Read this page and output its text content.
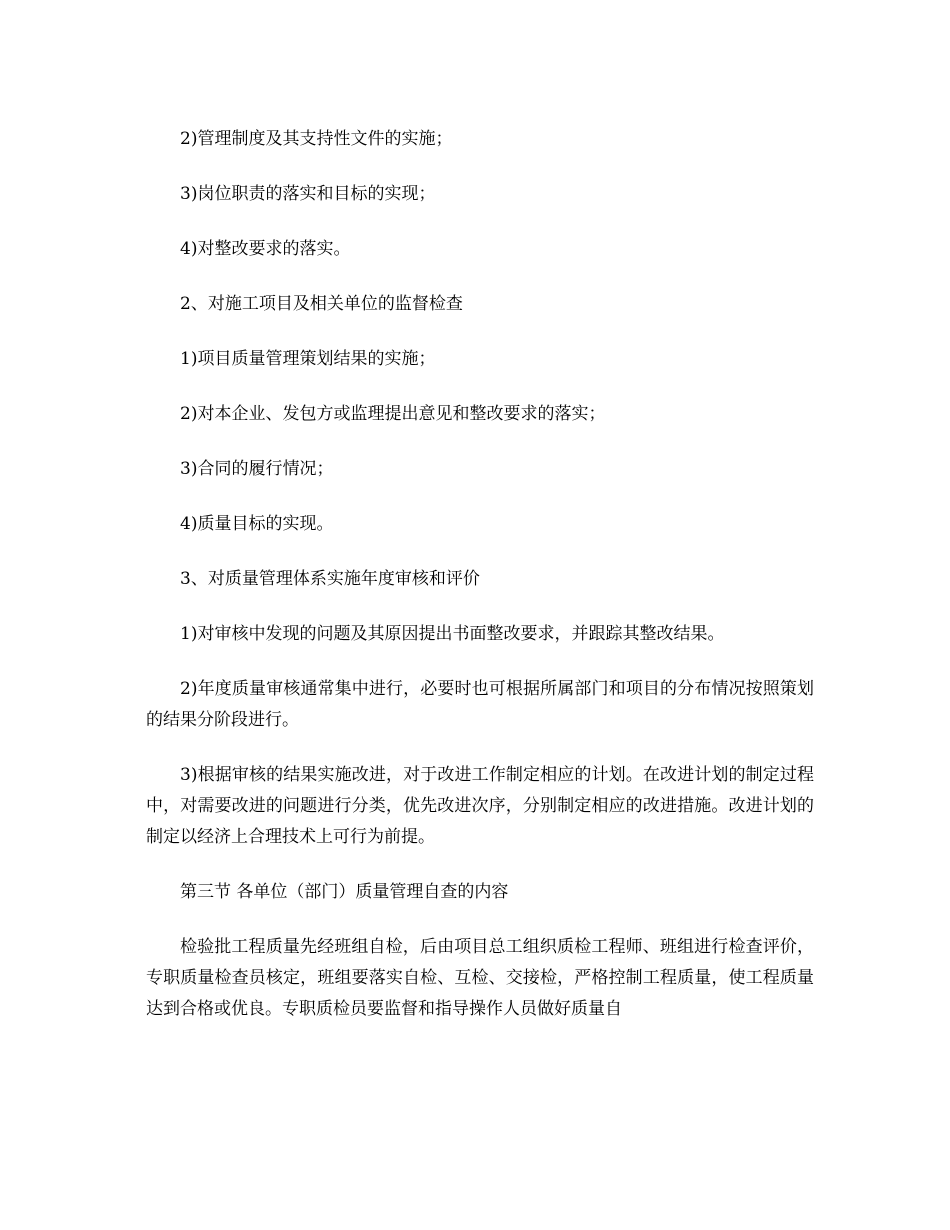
2)管理制度及其支持性文件的实施；

3)岗位职责的落实和目标的实现；

4)对整改要求的落实。

2、对施工项目及相关单位的监督检查

1)项目质量管理策划结果的实施；

2)对本企业、发包方或监理提出意见和整改要求的落实；

3)合同的履行情况；

4)质量目标的实现。

3、对质量管理体系实施年度审核和评价

1)对审核中发现的问题及其原因提出书面整改要求，并跟踪其整改结果。

2)年度质量审核通常集中进行，必要时也可根据所属部门和项目的分布情况按照策划的结果分阶段进行。

3)根据审核的结果实施改进，对于改进工作制定相应的计划。在改进计划的制定过程中，对需要改进的问题进行分类，优先改进次序，分别制定相应的改进措施。改进计划的制定以经济上合理技术上可行为前提。

第三节 各单位（部门）质量管理自查的内容

检验批工程质量先经班组自检，后由项目总工组织质检工程师、班组进行检查评价，专职质量检查员核定，班组要落实自检、互检、交接检，严格控制工程质量，使工程质量达到合格或优良。专职质检员要监督和指导操作人员做好质量自
